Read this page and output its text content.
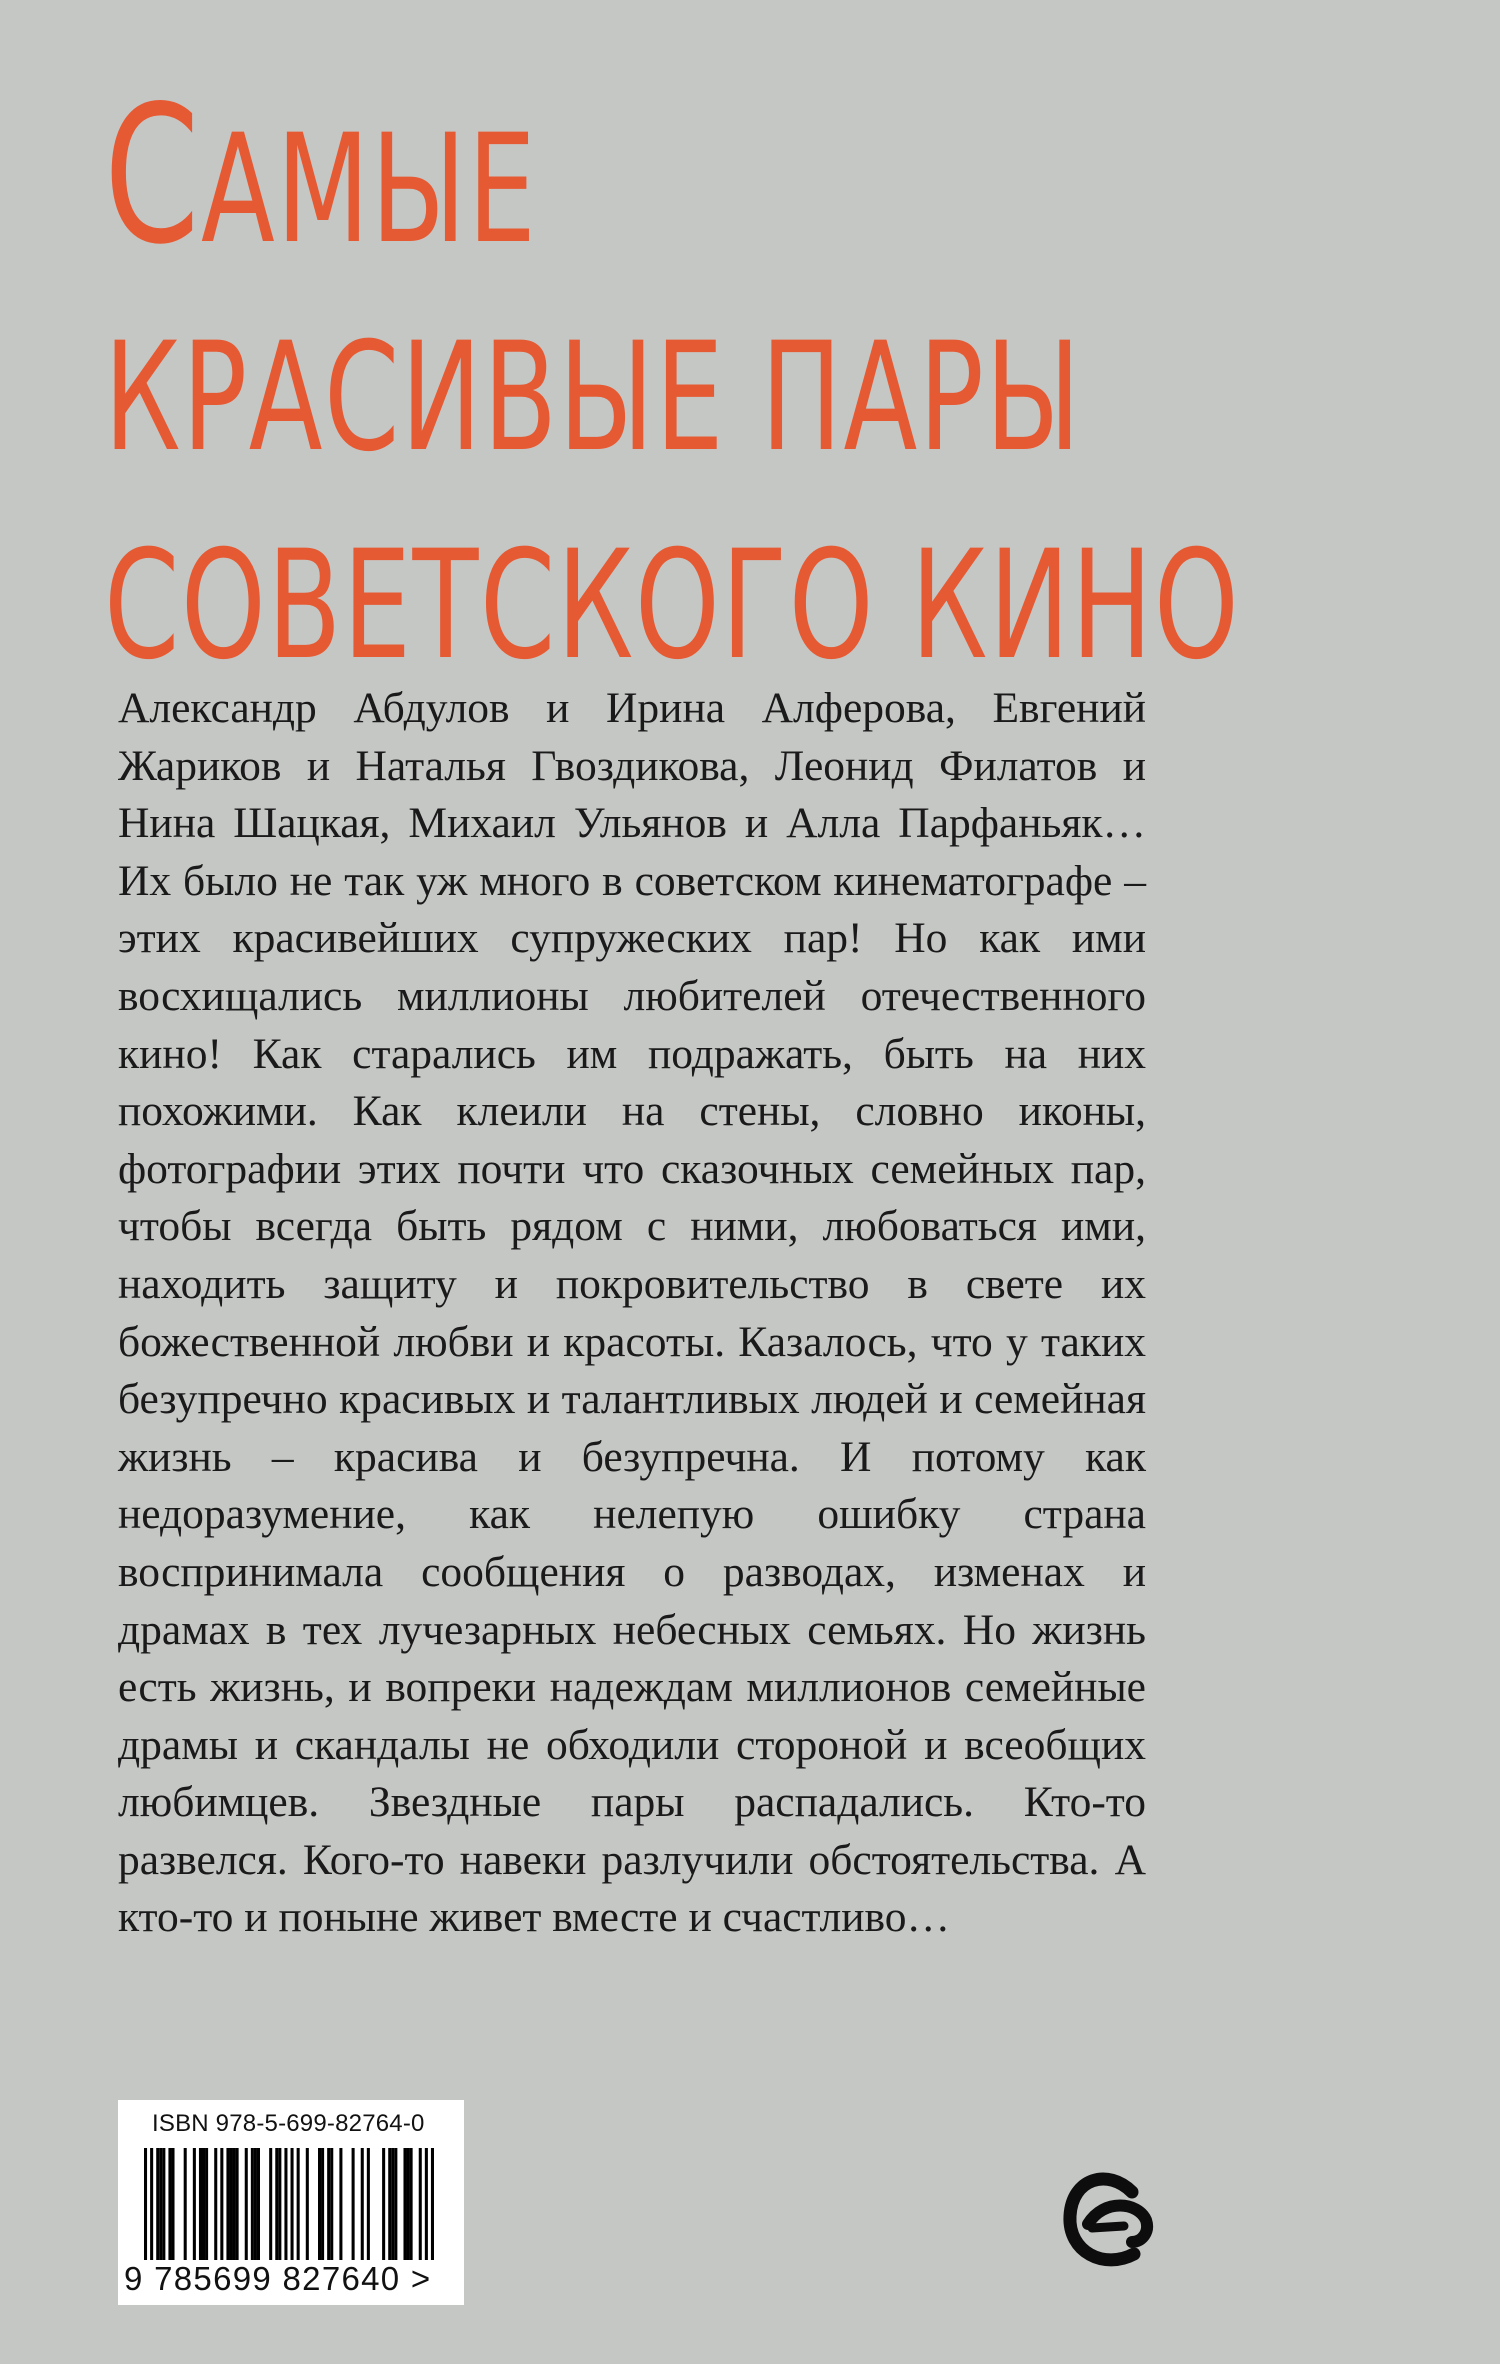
САМЫЕ
КРАСИВЫЕ ПАРЫ
СОВЕТСКОГО КИНО

Александр Абдулов и Ирина Алферова, Евгений Жариков и Наталья Гвоздикова, Леонид Филатов и Нина Шацкая, Михаил Ульянов и Алла Парфаньяк… Их было не так уж много в советском кинематографе – этих красивейших супружеских пар! Но как ими восхищались миллионы любителей отечественного кино! Как старались им подражать, быть на них похожими. Как клеили на стены, словно иконы, фотографии этих почти что сказочных семейных пар, чтобы всегда быть рядом с ними, любоваться ими, находить защиту и покровительство в свете их божественной любви и красоты. Казалось, что у таких безупречно красивых и талантливых людей и семейная жизнь – красива и безупречна. И потому как недоразумение, как нелепую ошибку страна воспринимала сообщения о разводах, изменах и драмах в тех лучезарных небесных семьях. Но жизнь есть жизнь, и вопреки надеждам миллионов семейные драмы и скандалы не обходили стороной и всеобщих любимцев. Звездные пары распадались. Кто-то развелся. Кого-то навеки разлучили обстоятельства. А кто-то и поныне живет вместе и счастливо…

ISBN 978-5-699-82764-0
9 785699 827640 >
